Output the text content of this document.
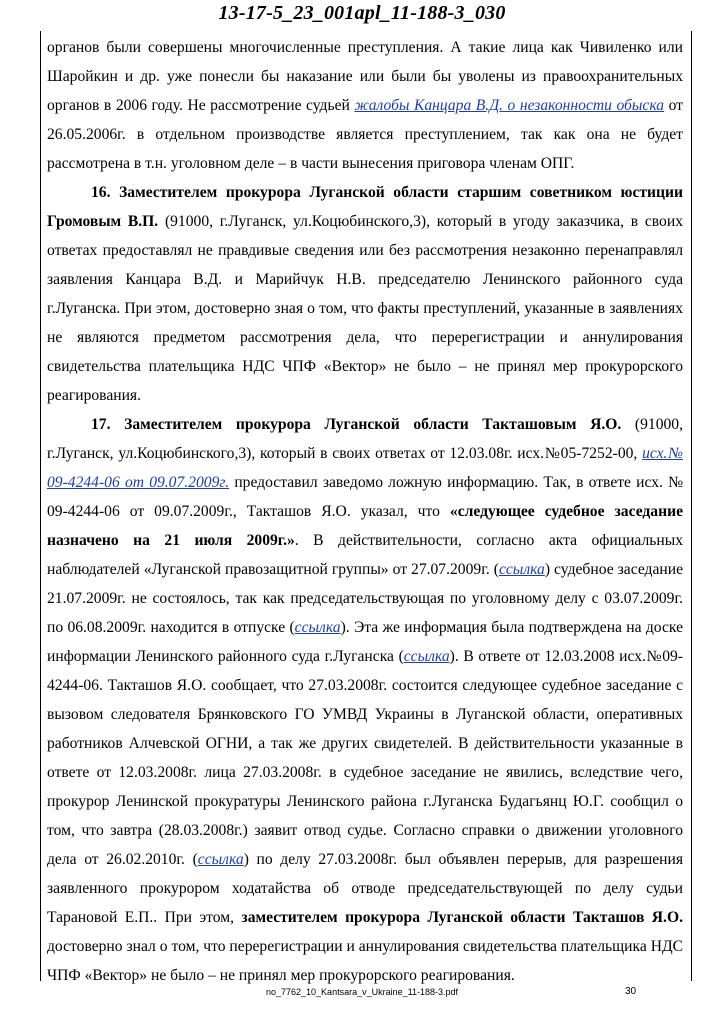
13-17-5_23_001apl_11-188-3_030

органов были совершены многочисленные преступления. А такие лица как Чивиленко или Шаройкин и др. уже понесли бы наказание или были бы уволены из правоохранительных органов в 2006 году. Не рассмотрение судьей жалобы Канцара В.Д. о незаконности обыска от 26.05.2006г. в отдельном производстве является преступлением, так как она не будет рассмотрена в т.н. уголовном деле – в части вынесения приговора членам ОПГ.

16. Заместителем прокурора Луганской области старшим советником юстиции Громовым В.П. (91000, г.Луганск, ул.Коцюбинского,3), который в угоду заказчика, в своих ответах предоставлял не правдивые сведения или без рассмотрения незаконно перенаправлял заявления Канцара В.Д. и Марийчук Н.В. председателю Ленинского районного суда г.Луганска. При этом, достоверно зная о том, что факты преступлений, указанные в заявлениях не являются предметом рассмотрения дела, что перерегистрации и аннулирования свидетельства плательщика НДС ЧПФ «Вектор» не было – не принял мер прокурорского реагирования.

17. Заместителем прокурора Луганской области Такташовым Я.О. (91000, г.Луганск, ул.Коцюбинского,3), который в своих ответах от 12.03.08г. исх.№05-7252-00, исх.№ 09-4244-06 от 09.07.2009г. предоставил заведомо ложную информацию. Так, в ответе исх. № 09-4244-06 от 09.07.2009г., Такташов Я.О. указал, что «следующее судебное заседание назначено на 21 июля 2009г.». В действительности, согласно акта официальных наблюдателей «Луганской правозащитной группы» от 27.07.2009г. (ссылка) судебное заседание 21.07.2009г. не состоялось, так как председательствующая по уголовному делу с 03.07.2009г. по 06.08.2009г. находится в отпуске (ссылка). Эта же информация была подтверждена на доске информации Ленинского районного суда г.Луганска (ссылка). В ответе от 12.03.2008 исх.№09-4244-06. Такташов Я.О. сообщает, что 27.03.2008г. состоится следующее судебное заседание с вызовом следователя Брянковского ГО УМВД Украины в Луганской области, оперативных работников Алчевской ОГНИ, а так же других свидетелей. В действительности указанные в ответе от 12.03.2008г. лица 27.03.2008г. в судебное заседание не явились, вследствие чего, прокурор Ленинской прокуратуры Ленинского района г.Луганска Будагьянц Ю.Г. сообщил о том, что завтра (28.03.2008г.) заявит отвод судье. Согласно справки о движении уголовного дела от 26.02.2010г. (ссылка) по делу 27.03.2008г. был объявлен перерыв, для разрешения заявленного прокурором ходатайства об отводе председательствующей по делу судьи Тарановой Е.П.. При этом, заместителем прокурора Луганской области Такташов Я.О. достоверно знал о том, что перерегистрации и аннулирования свидетельства плательщика НДС ЧПФ «Вектор» не было – не принял мер прокурорского реагирования.

no_7762_10_Kantsara_v_Ukraine_11-188-3.pdf	30
